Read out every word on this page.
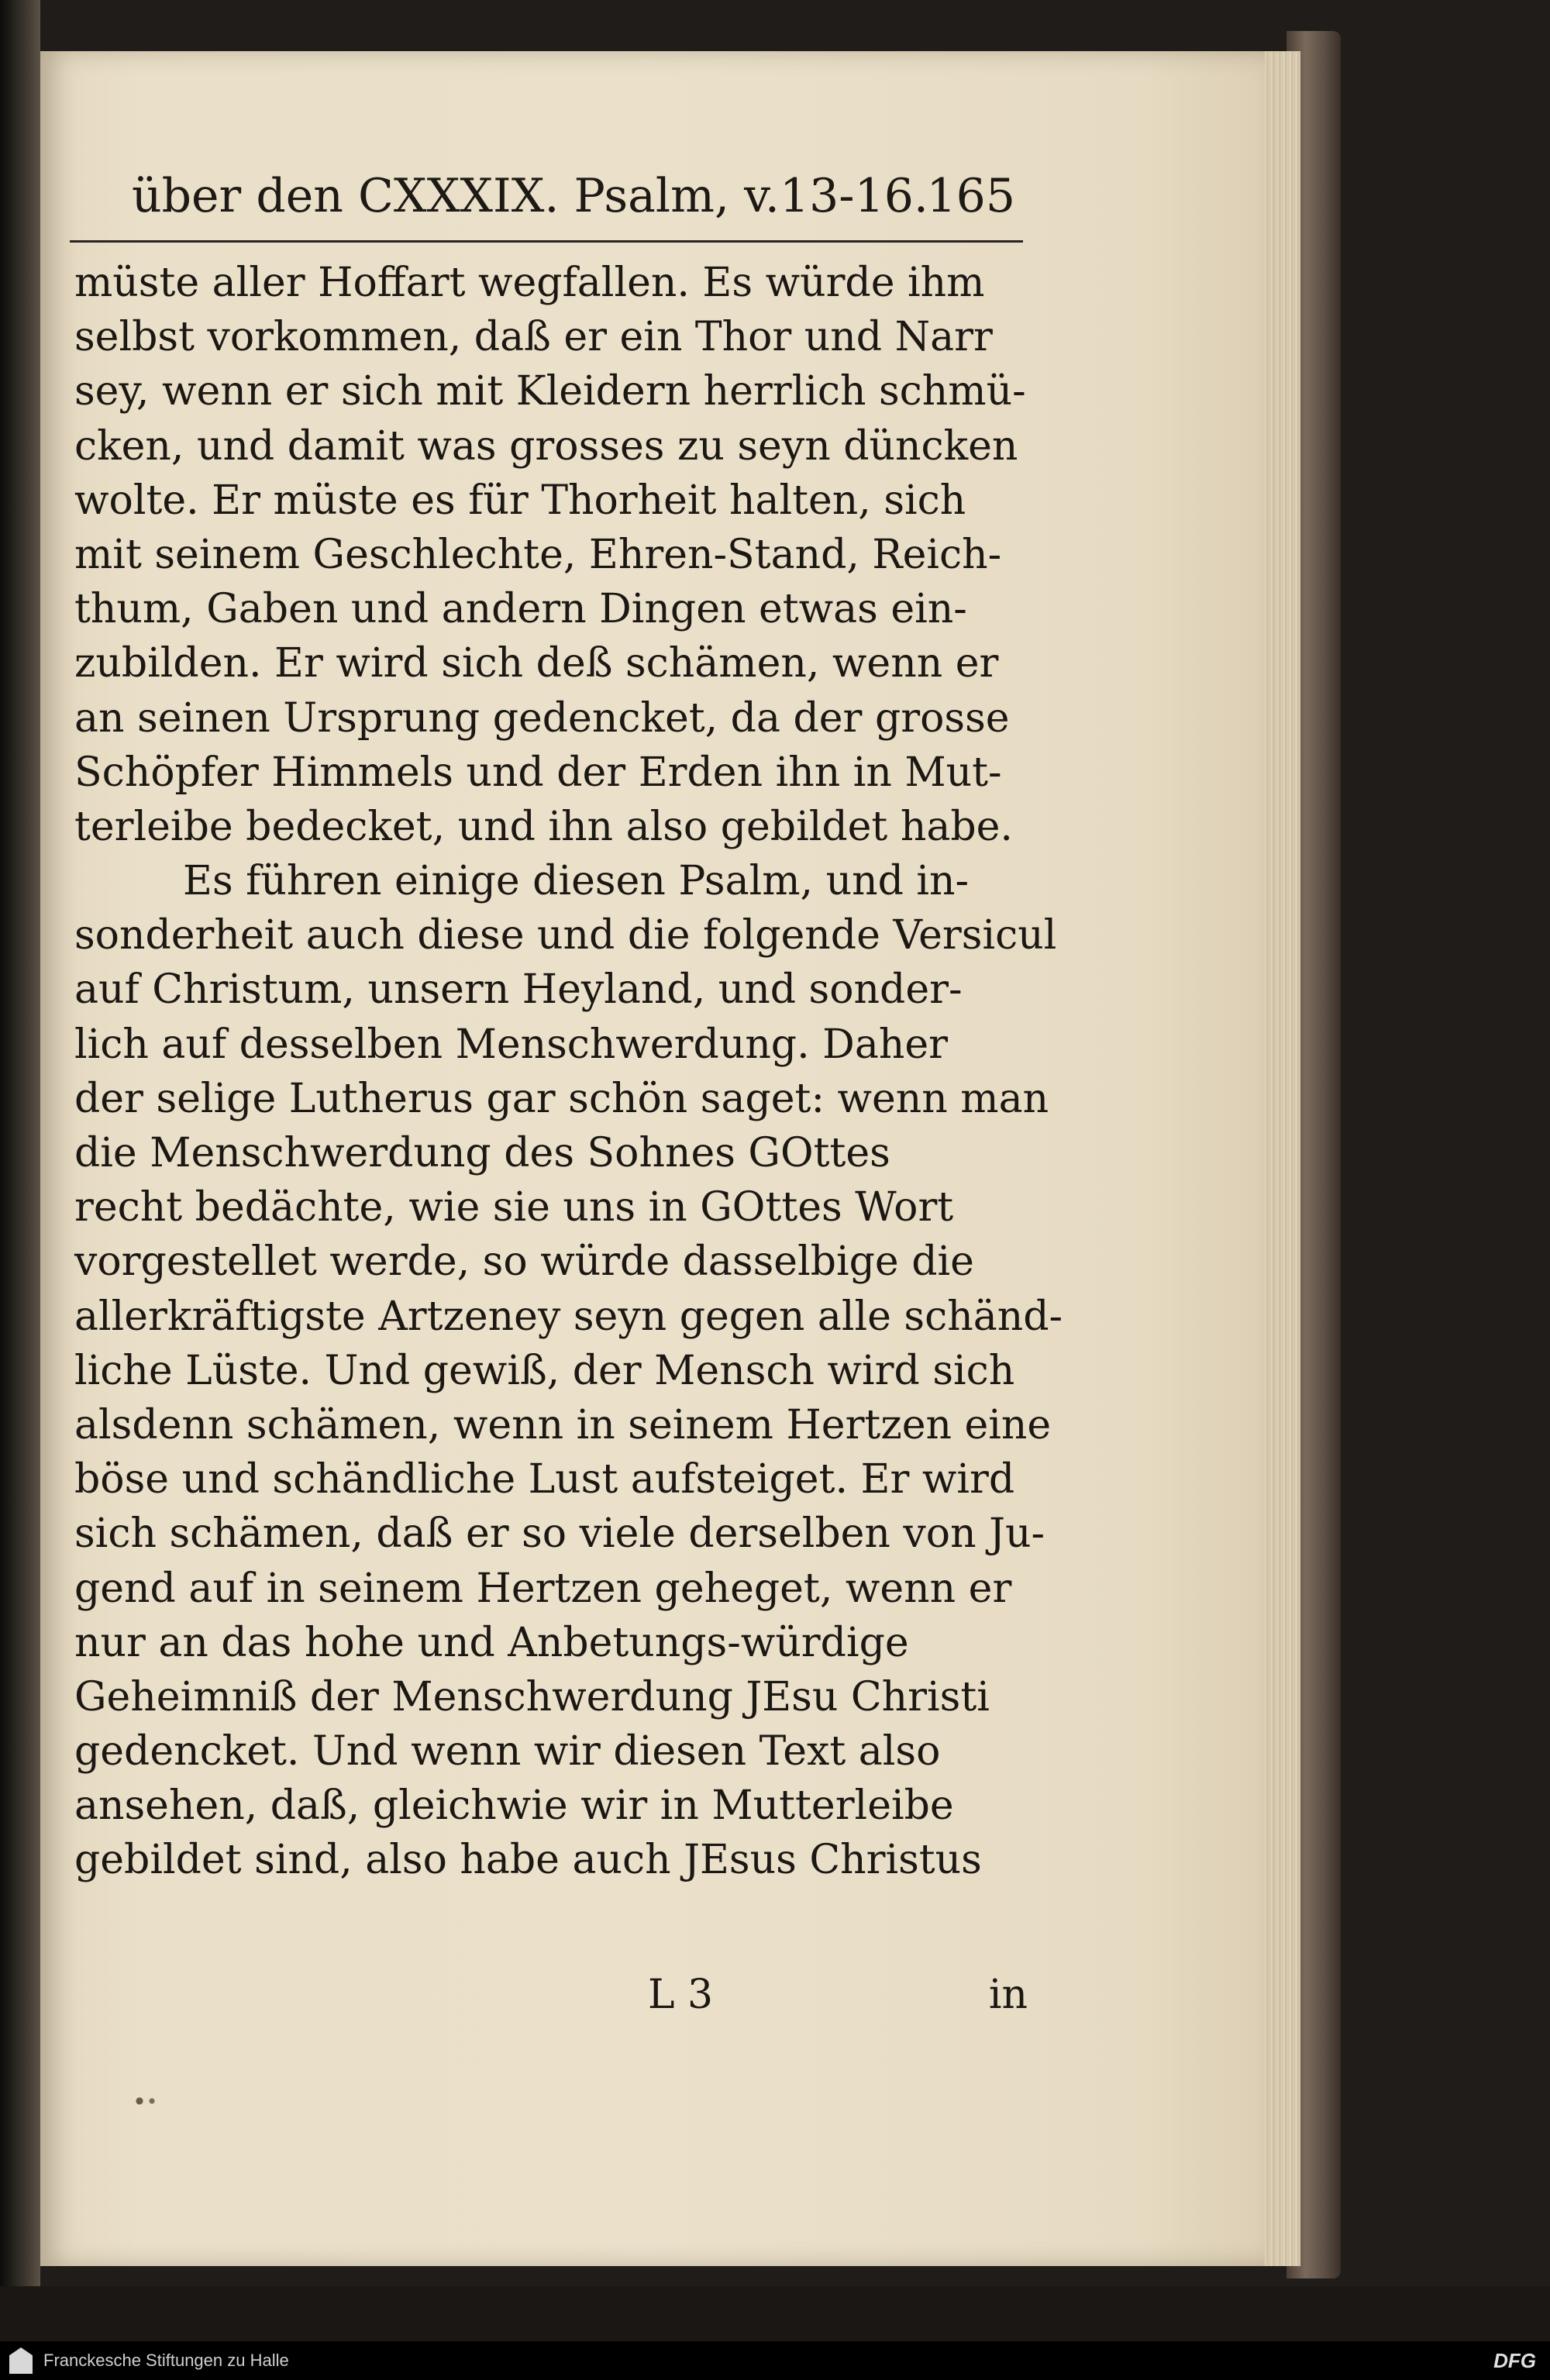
über den CXXXIX. Psalm, v.13-16.
165
müste aller Hoffart wegfallen. Es würde ihm
selbst vorkommen, daß er ein Thor und Narr
sey, wenn er sich mit Kleidern herrlich schmü-
cken, und damit was grosses zu seyn düncken
wolte. Er müste es für Thorheit halten, sich
mit seinem Geschlechte, Ehren-Stand, Reich-
thum, Gaben und andern Dingen etwas ein-
zubilden. Er wird sich deß schämen, wenn er
an seinen Ursprung gedencket, da der grosse
Schöpfer Himmels und der Erden ihn in Mut-
terleibe bedecket, und ihn also gebildet habe.
Es führen einige diesen Psalm, und in-
sonderheit auch diese und die folgende Versicul
auf Christum, unsern Heyland, und sonder-
lich auf desselben Menschwerdung. Daher
der selige Lutherus gar schön saget: wenn man
die Menschwerdung des Sohnes GOttes
recht bedächte, wie sie uns in GOttes Wort
vorgestellet werde, so würde dasselbige die
allerkräftigste Artzeney seyn gegen alle schänd-
liche Lüste. Und gewiß, der Mensch wird sich
alsdenn schämen, wenn in seinem Hertzen eine
böse und schändliche Lust aufsteiget. Er wird
sich schämen, daß er so viele derselben von Ju-
gend auf in seinem Hertzen geheget, wenn er
nur an das hohe und Anbetungs-würdige
Geheimniß der Menschwerdung JEsu Christi
gedencket. Und wenn wir diesen Text also
ansehen, daß, gleichwie wir in Mutterleibe
gebildet sind, also habe auch JEsus Christus
L 3	in
Franckesche Stiftungen zu Halle	DFG
